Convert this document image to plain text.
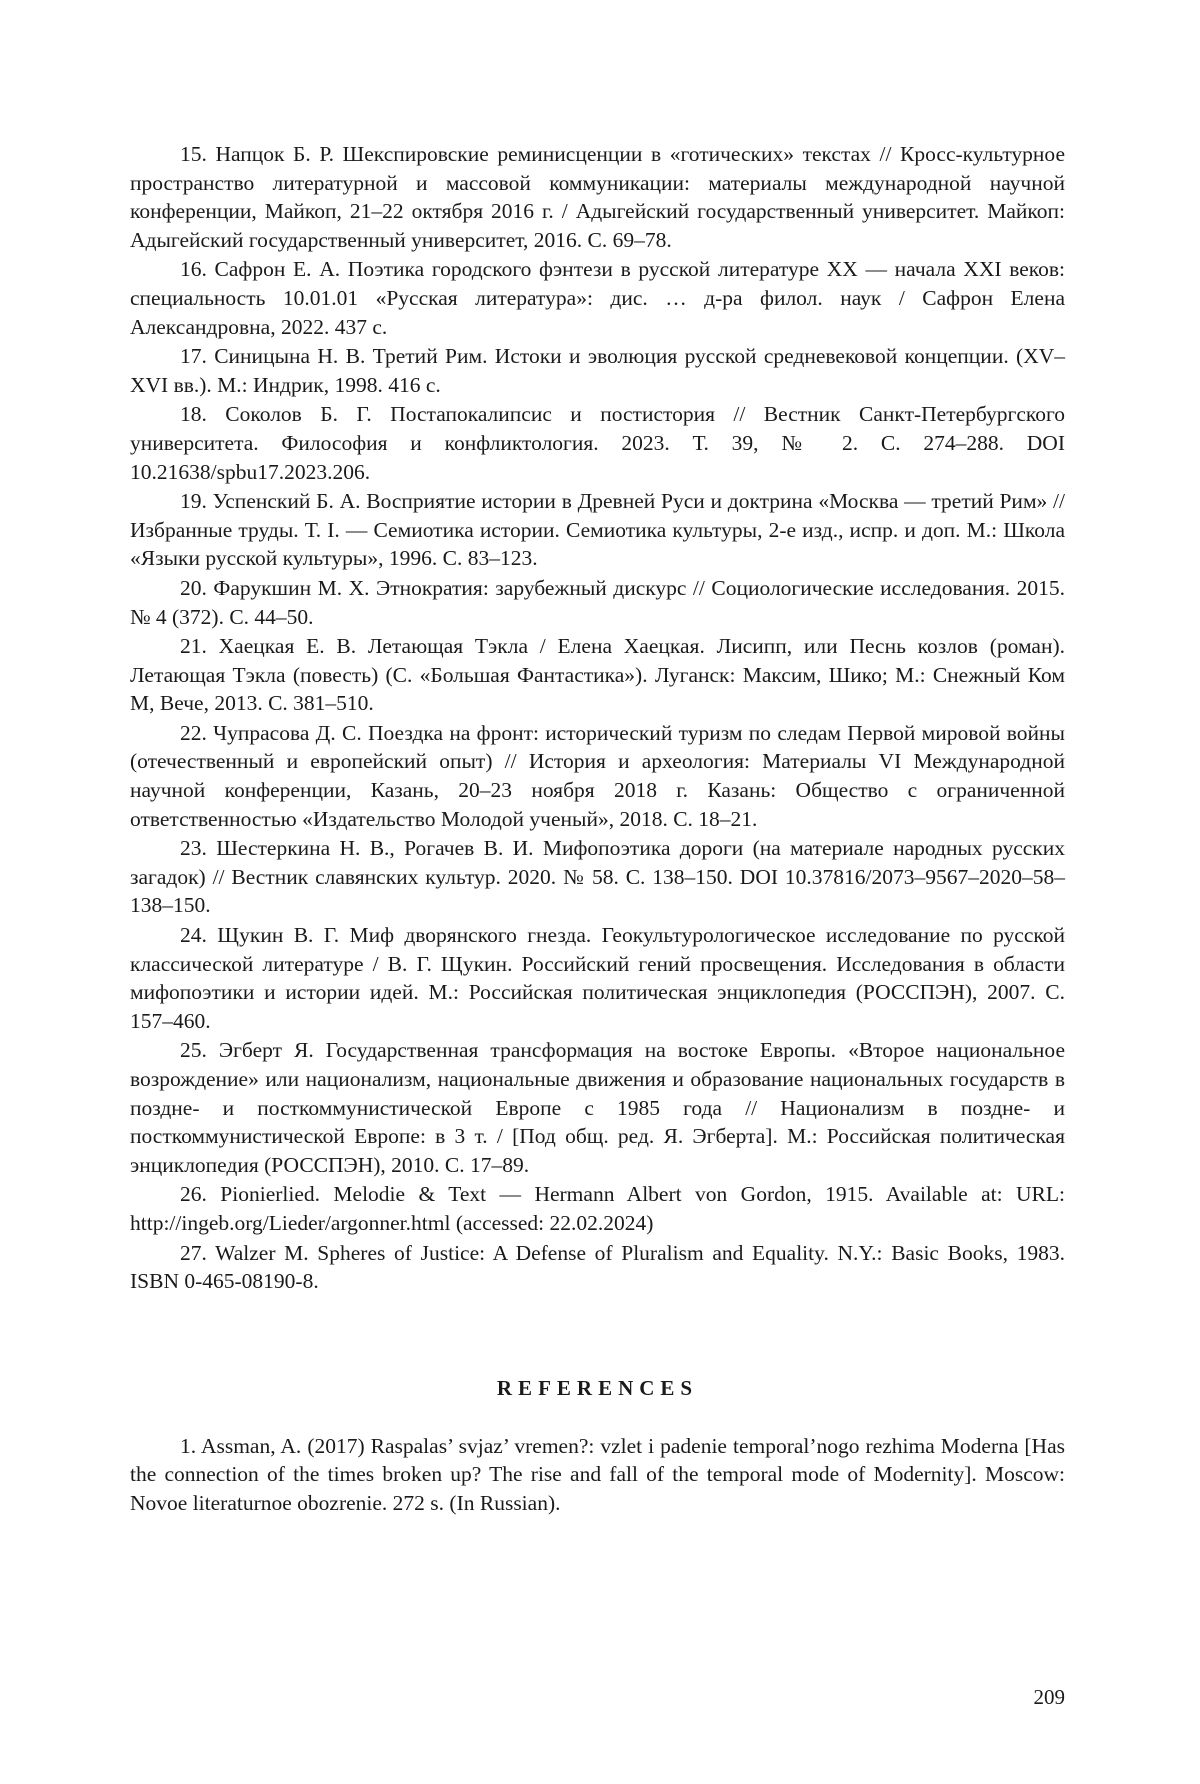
15. Напцок Б. Р. Шекспировские реминисценции в «готических» текстах // Кросс-культурное пространство литературной и массовой коммуникации: материалы международной научной конференции, Майкоп, 21–22 октября 2016 г. / Адыгейский государственный университет. Майкоп: Адыгейский государственный университет, 2016. С. 69–78.

16. Сафрон Е. А. Поэтика городского фэнтези в русской литературе XX — начала XXI веков: специальность 10.01.01 «Русская литература»: дис. … д-ра филол. наук / Сафрон Елена Александровна, 2022. 437 с.

17. Синицына Н. В. Третий Рим. Истоки и эволюция русской средневековой концепции. (XV–XVI вв.). М.: Индрик, 1998. 416 с.

18. Соколов Б. Г. Постапокалипсис и постистория // Вестник Санкт-Петербургского университета. Философия и конфликтология. 2023. Т. 39, № 2. С. 274–288. DOI 10.21638/spbu17.2023.206.

19. Успенский Б. А. Восприятие истории в Древней Руси и доктрина «Москва — третий Рим» // Избранные труды. Т. I. — Семиотика истории. Семиотика культуры, 2-е изд., испр. и доп. М.: Школа «Языки русской культуры», 1996. С. 83–123.

20. Фарукшин М. Х. Этнократия: зарубежный дискурс // Социологические исследования. 2015. № 4 (372). С. 44–50.

21. Хаецкая Е. В. Летающая Тэкла / Елена Хаецкая. Лисипп, или Песнь козлов (роман). Летающая Тэкла (повесть) (С. «Большая Фантастика»). Луганск: Максим, Шико; М.: Снежный Ком М, Вече, 2013. С. 381–510.

22. Чупрасова Д. С. Поездка на фронт: исторический туризм по следам Первой мировой войны (отечественный и европейский опыт) // История и археология: Материалы VI Международной научной конференции, Казань, 20–23 ноября 2018 г. Казань: Общество с ограниченной ответственностью «Издательство Молодой ученый», 2018. С. 18–21.

23. Шестеркина Н. В., Рогачев В. И. Мифопоэтика дороги (на материале народных русских загадок) // Вестник славянских культур. 2020. № 58. С. 138–150. DOI 10.37816/2073–9567–2020–58–138–150.

24. Щукин В. Г. Миф дворянского гнезда. Геокультурологическое исследование по русской классической литературе / В. Г. Щукин. Российский гений просвещения. Исследования в области мифопоэтики и истории идей. М.: Российская политическая энциклопедия (РОССПЭН), 2007. С. 157–460.

25. Эгберт Я. Государственная трансформация на востоке Европы. «Второе национальное возрождение» или национализм, национальные движения и образование национальных государств в поздне- и посткоммунистической Европе с 1985 года // Национализм в поздне- и посткоммунистической Европе: в 3 т. / [Под общ. ред. Я. Эгберта]. М.: Российская политическая энциклопедия (РОССПЭН), 2010. С. 17–89.

26. Pionierlied. Melodie & Text — Hermann Albert von Gordon, 1915. Available at: URL: http://ingeb.org/Lieder/argonner.html (accessed: 22.02.2024)

27. Walzer M. Spheres of Justice: A Defense of Pluralism and Equality. N.Y.: Basic Books, 1983. ISBN 0-465-08190-8.

REFERENCES

1. Assman, A. (2017) Raspalas’ svjaz’ vremen?: vzlet i padenie temporal’nogo rezhima Moderna [Has the connection of the times broken up? The rise and fall of the temporal mode of Modernity]. Moscow: Novoe literaturnoe obozrenie. 272 s. (In Russian).

209
